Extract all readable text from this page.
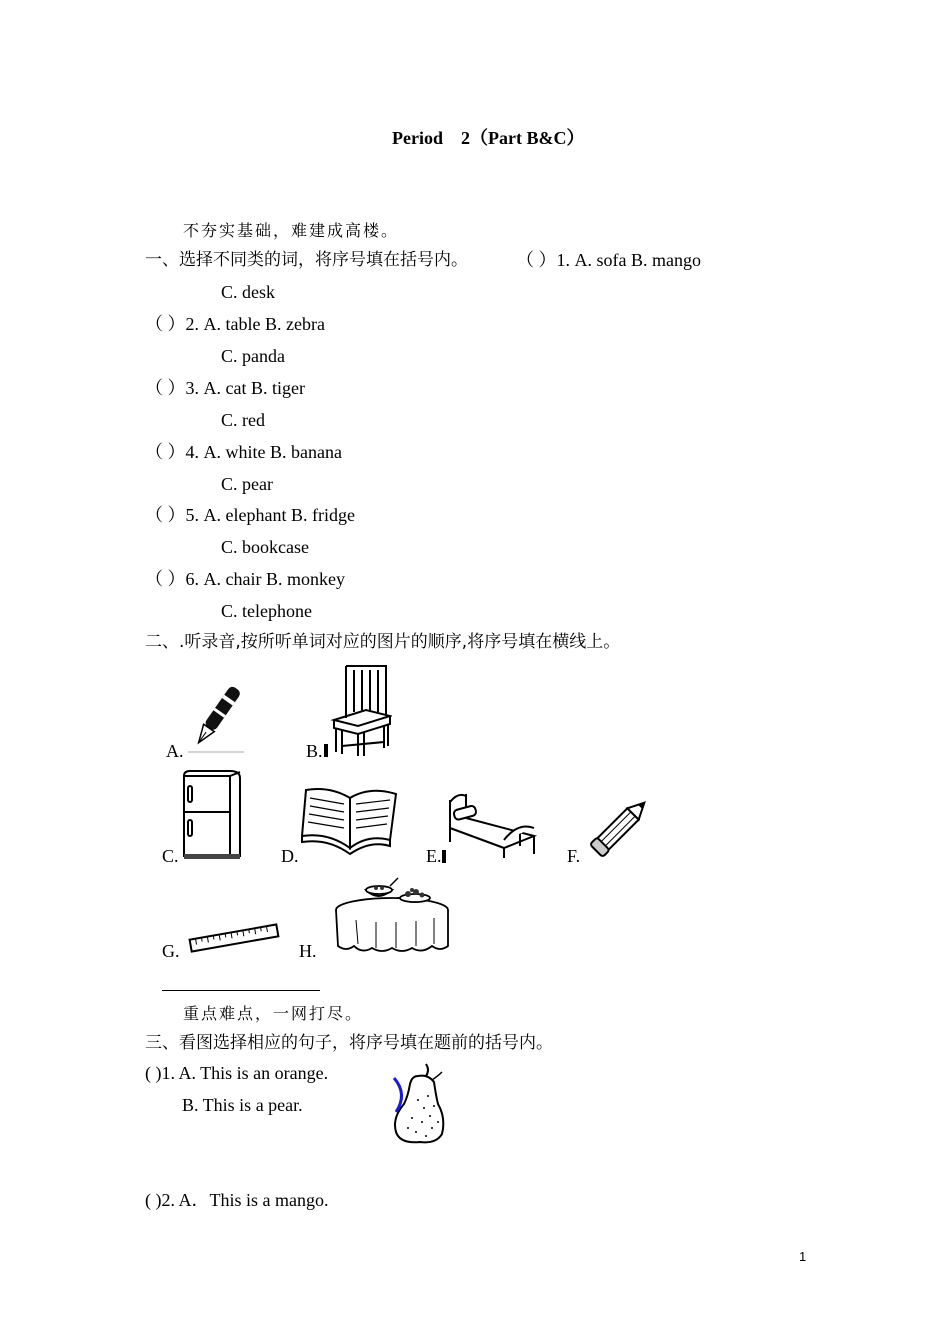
Period　2（Part B&C）
不夯实基础，难建成高楼。
一、选择不同类的词，将序号填在括号内。	（ ）1. A. sofa B. mango
C. desk
（ ）2. A. table B. zebra
C. panda
（ ）3. A. cat B. tiger
C. red
（ ）4. A. white B. banana
C. pear
（ ）5. A. elephant B. fridge
C. bookcase
（ ）6. A. chair B. monkey
C. telephone
二、.听录音,按所听单词对应的图片的顺序,将序号填在横线上。
A.	B.
C.	D.	E.	F.
G.	H.
重点难点，一网打尽。
三、看图选择相应的句子，将序号填在题前的括号内。
( )1. A. This is an orange.
B. This is a pear.
( )2. A．This is a mango.
1
